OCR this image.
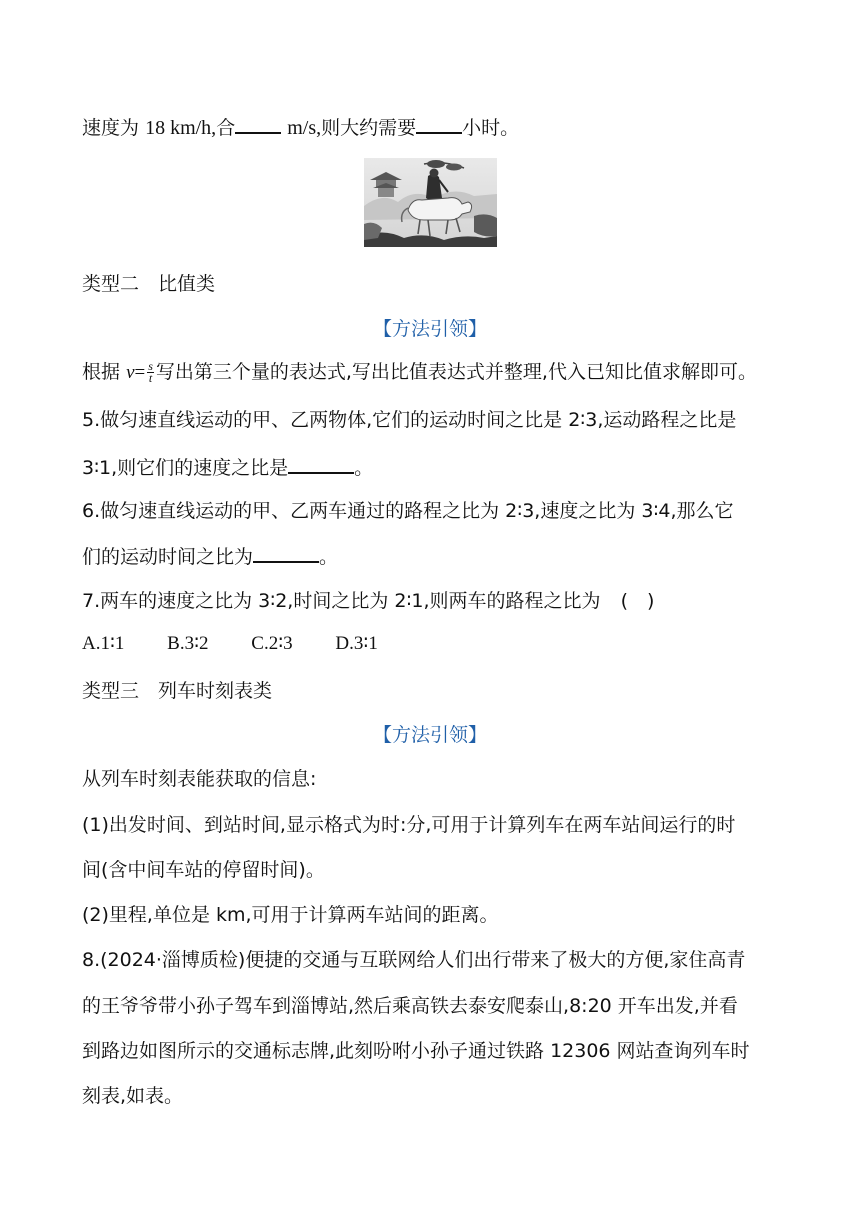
速度为 18 km/h,合	m/s,则大约需要 小时。
类型二　比值类
【方法引领】
根据 $v= \frac{s}{t}$ 写出第三个量的表达式,写出比值表达式并整理,代入已知比值求解即可。
5.做匀速直线运动的甲、乙两物体,它们的运动时间之比是 2∶3,运动路程之比是
3∶1,则它们的速度之比是	。
6.做匀速直线运动的甲、乙两车通过的路程之比为 2∶3,速度之比为 3∶4,那么它
们的运动时间之比为	。
7.两车的速度之比为 3∶2,时间之比为 2∶1,则两车的路程之比为 (　)
A.1∶1 B.3∶2 C.2∶3 D.3∶1
类型三　列车时刻表类
【方法引领】
从列车时刻表能获取的信息:
(1)出发时间、到站时间,显示格式为时:分,可用于计算列车在两车站间运行的时
间(含中间车站的停留时间)。
(2)里程,单位是 km,可用于计算两车站间的距离。
8.(2024·淄博质检)便捷的交通与互联网给人们出行带来了极大的方便,家住高青
的王爷爷带小孙子驾车到淄博站,然后乘高铁去泰安爬泰山,8:20 开车出发,并看
到路边如图所示的交通标志牌,此刻吩咐小孙子通过铁路 12306 网站查询列车时
刻表,如表。
